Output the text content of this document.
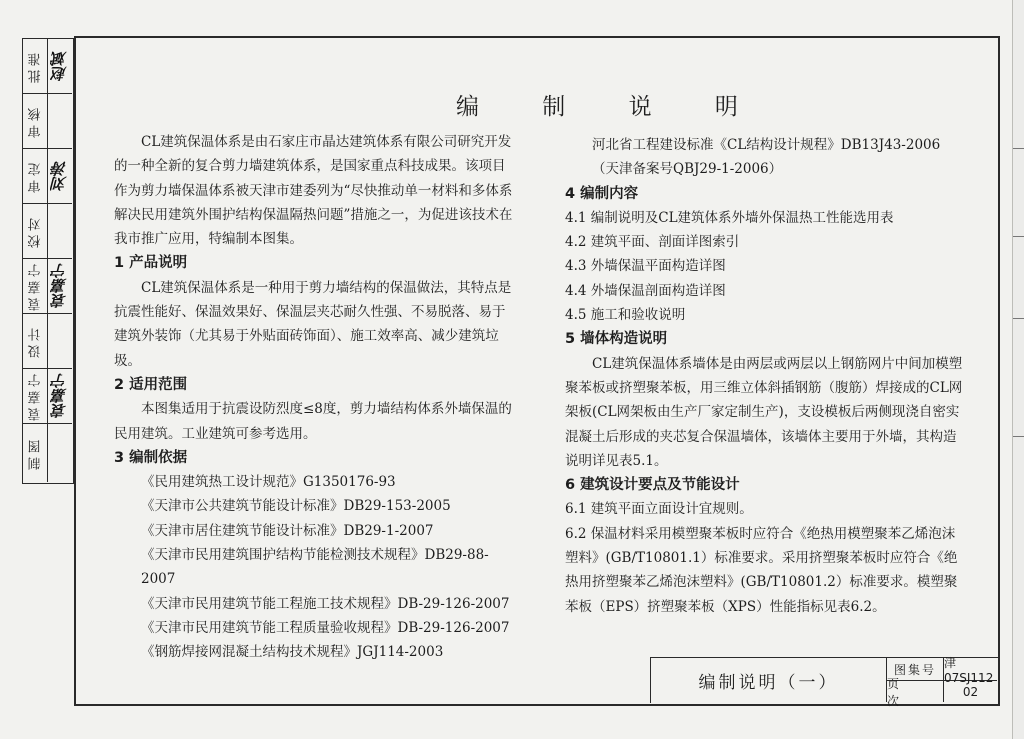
批准 赵斌
审核
审定 刘涛
校对
袁嘉宁 袁嘉宁
设计
袁嘉宁 袁嘉宁
制图
编 制 说 明

CL建筑保温体系是由石家庄市晶达建筑体系有限公司研究开发的一种全新的复合剪力墙建筑体系，是国家重点科技成果。该项目作为剪力墙保温体系被天津市建委列为“尽快推动单一材料和多体系解决民用建筑外围护结构保温隔热问题”措施之一，为促进该技术在我市推广应用，特编制本图集。

1 产品说明

CL建筑保温体系是一种用于剪力墙结构的保温做法，其特点是抗震性能好、保温效果好、保温层夹芯耐久性强、不易脱落、易于建筑外装饰（尤其易于外贴面砖饰面）、施工效率高、减少建筑垃圾。

2 适用范围

本图集适用于抗震设防烈度≤8度，剪力墙结构体系外墙保温的民用建筑。工业建筑可参考选用。

3 编制依据
《民用建筑热工设计规范》G1350176-93
《天津市公共建筑节能设计标准》DB29-153-2005
《天津市居住建筑节能设计标准》DB29-1-2007
《天津市民用建筑围护结构节能检测技术规程》DB29-88-2007
《天津市民用建筑节能工程施工技术规程》DB-29-126-2007
《天津市民用建筑节能工程质量验收规程》DB-29-126-2007
《钢筋焊接网混凝土结构技术规程》JGJ114-2003
河北省工程建设标准《CL结构设计规程》DB13J43-2006
（天津备案号QBJ29-1-2006）
4 编制内容
4.1 编制说明及CL建筑体系外墙外保温热工性能选用表
4.2 建筑平面、剖面详图索引
4.3 外墙保温平面构造详图
4.4 外墙保温剖面构造详图
4.5 施工和验收说明
5 墙体构造说明

CL建筑保温体系墙体是由两层或两层以上钢筋网片中间加模塑聚苯板或挤塑聚苯板，用三维立体斜插钢筋（腹筋）焊接成的CL网架板(CL网架板由生产厂家定制生产)，支设模板后两侧现浇自密实混凝土后形成的夹芯复合保温墙体，该墙体主要用于外墙，其构造说明详见表5.1。

6 建筑设计要点及节能设计

6.1 建筑平面立面设计宜规则。

6.2 保温材料采用模塑聚苯板时应符合《绝热用模塑聚苯乙烯泡沫塑料》(GB/T10801.1）标准要求。采用挤塑聚苯板时应符合《绝热用挤塑聚苯乙烯泡沫塑料》(GB/T10801.2）标准要求。模塑聚苯板（EPS）挤塑聚苯板（XPS）性能指标见表6.2。

编制说明（一）
图集号 津07SJ112
页 次
02
